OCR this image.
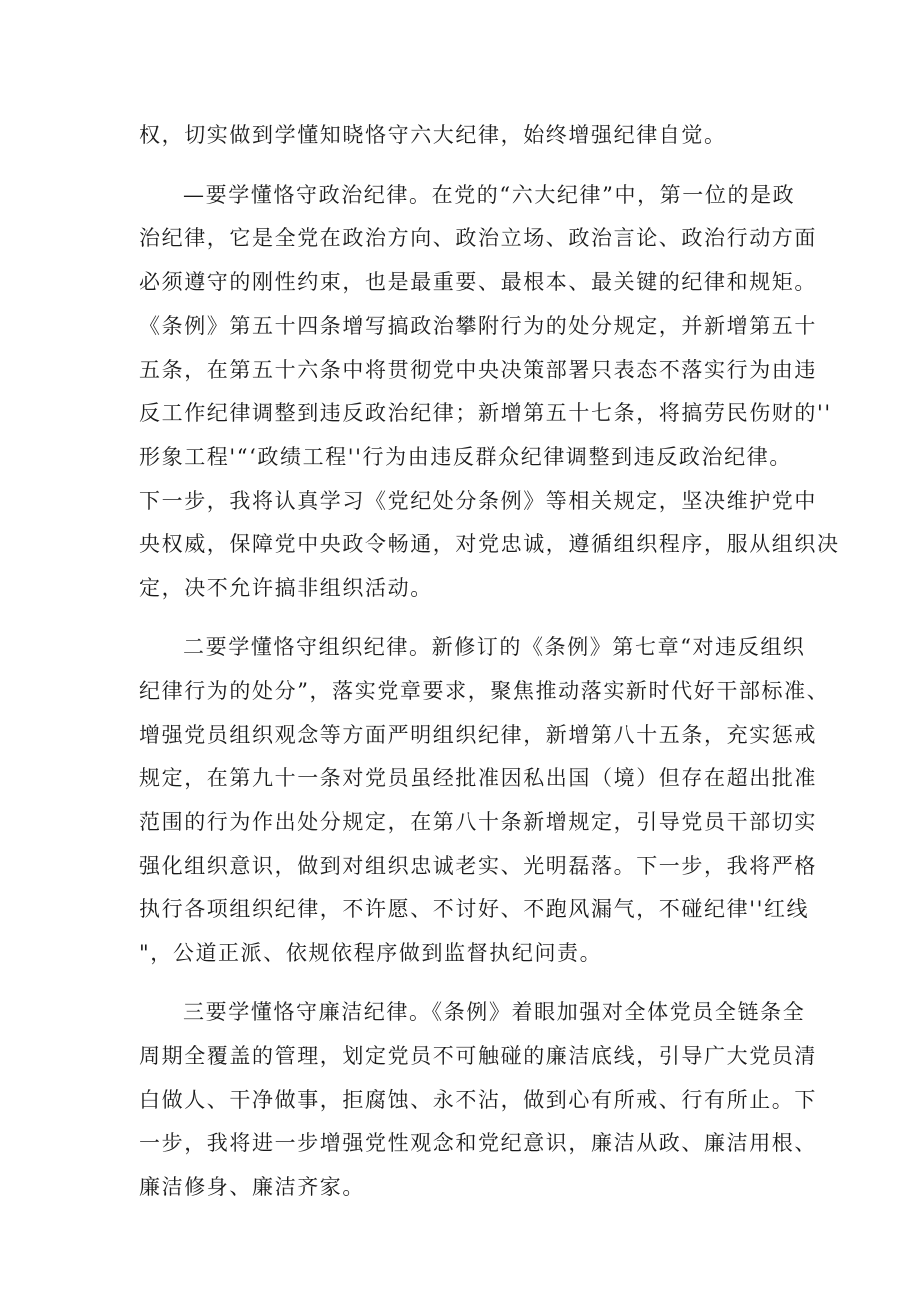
权，切实做到学懂知晓恪守六大纪律，始终增强纪律自觉。
—要学懂恪守政治纪律。在党的“六大纪律”中，第一位的是政
治纪律，它是全党在政治方向、政治立场、政治言论、政治行动方面
必须遵守的刚性约束，也是最重要、最根本、最关键的纪律和规矩。
《条例》第五十四条增写搞政治攀附行为的处分规定，并新增第五十
五条，在第五十六条中将贯彻党中央决策部署只表态不落实行为由违
反工作纪律调整到违反政治纪律；新增第五十七条，将搞劳民伤财的''
形象工程'“‘政绩工程''行为由违反群众纪律调整到违反政治纪律。
下一步，我将认真学习《党纪处分条例》等相关规定，坚决维护党中
央权威，保障党中央政令畅通，对党忠诚，遵循组织程序，服从组织决
定，决不允许搞非组织活动。
二要学懂恪守组织纪律。新修订的《条例》第七章“对违反组织
纪律行为的处分”，落实党章要求，聚焦推动落实新时代好干部标准、
增强党员组织观念等方面严明组织纪律，新增第八十五条，充实惩戒
规定，在第九十一条对党员虽经批准因私出国（境）但存在超出批准
范围的行为作出处分规定，在第八十条新增规定，引导党员干部切实
强化组织意识，做到对组织忠诚老实、光明磊落。下一步，我将严格
执行各项组织纪律，不许愿、不讨好、不跑风漏气，不碰纪律''红线
"，公道正派、依规依程序做到监督执纪问责。
三要学懂恪守廉洁纪律。《条例》着眼加强对全体党员全链条全
周期全覆盖的管理，划定党员不可触碰的廉洁底线，引导广大党员清
白做人、干净做事，拒腐蚀、永不沾，做到心有所戒、行有所止。下
一步，我将进一步增强党性观念和党纪意识，廉洁从政、廉洁用根、
廉洁修身、廉洁齐家。
